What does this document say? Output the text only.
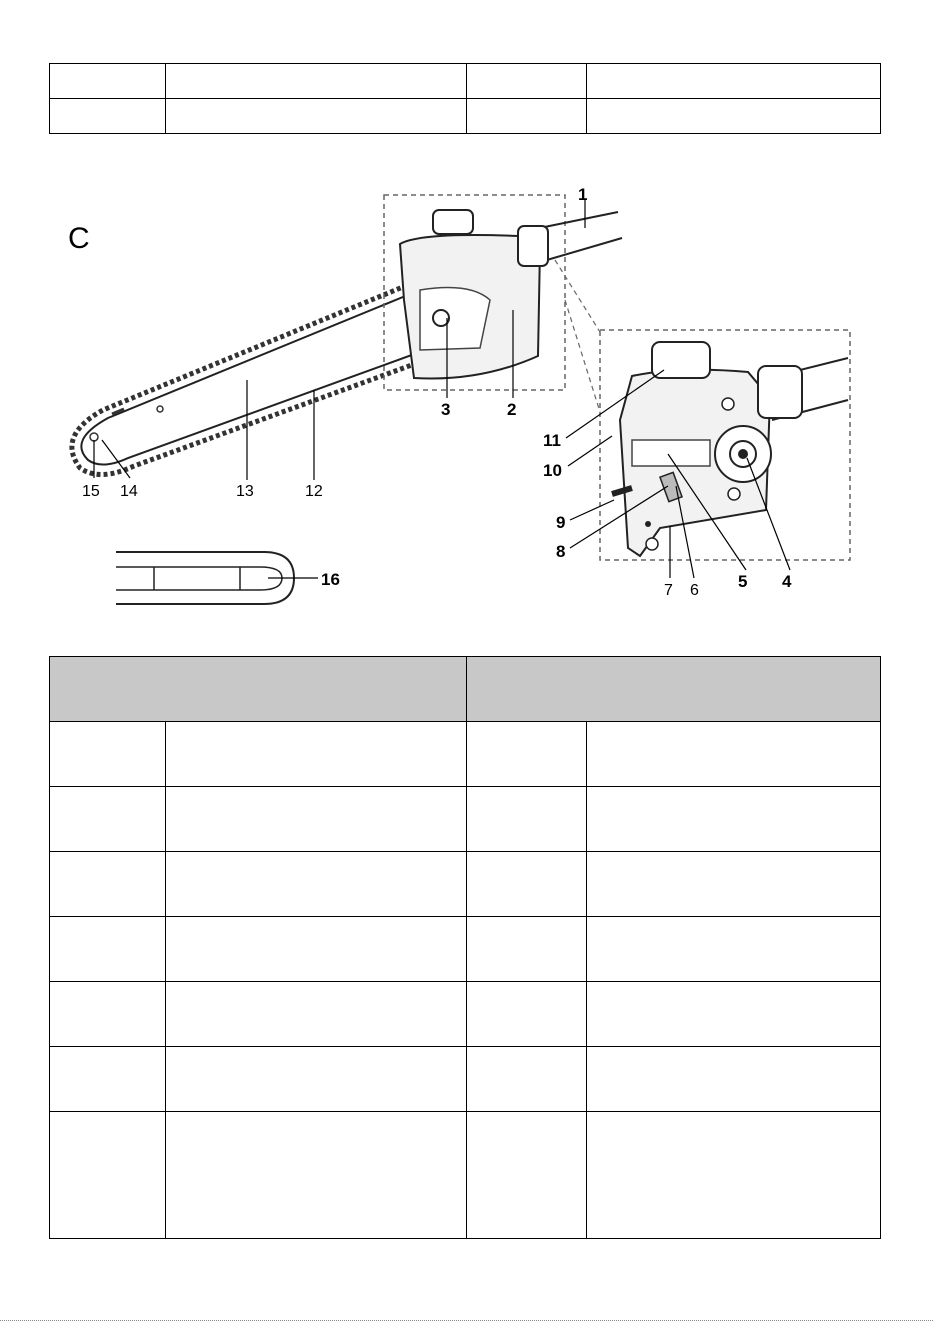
C
1
2
3
4
5
6
7
8
9
10
11
12
13
14
15
16
